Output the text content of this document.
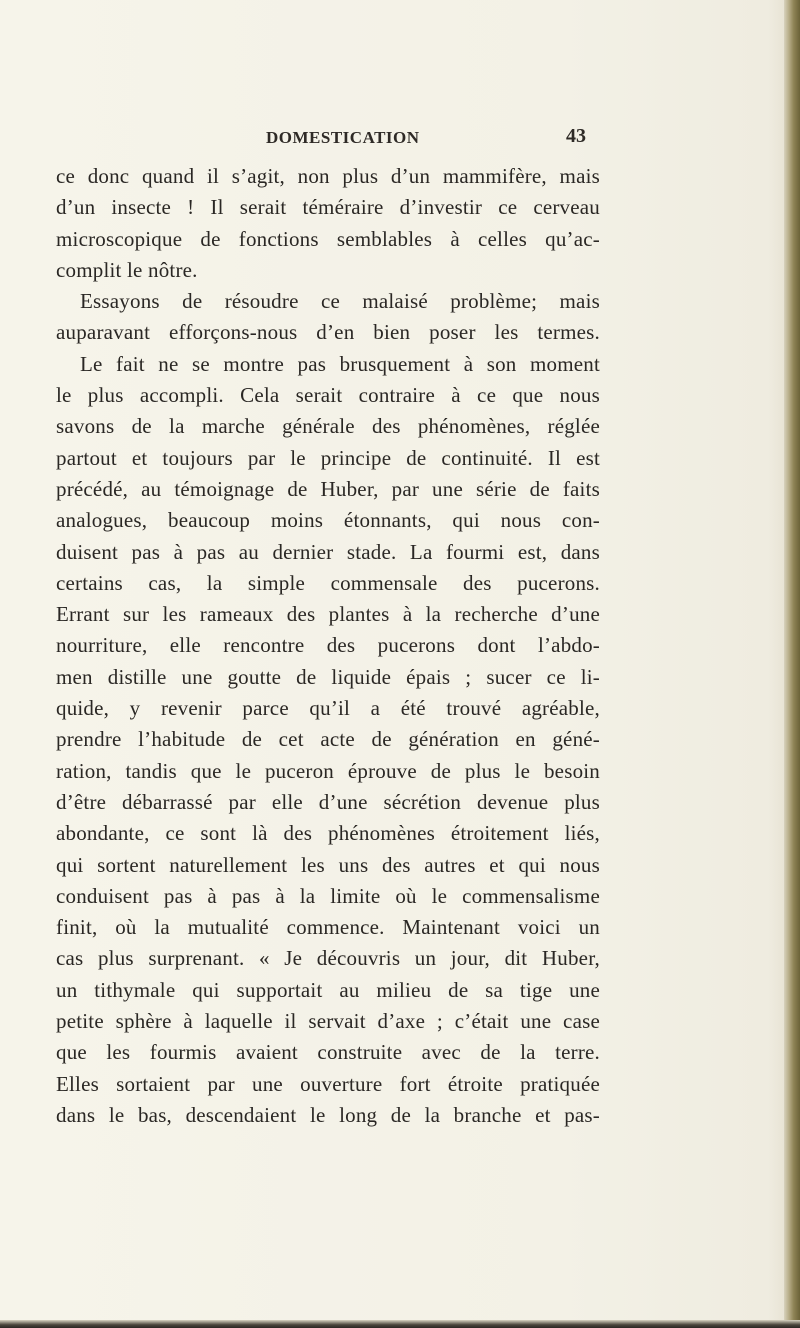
DOMESTICATION	43
ce donc quand il s’agit, non plus d’un mammifère, mais
d’un insecte ! Il serait téméraire d’investir ce cerveau
microscopique de fonctions semblables à celles qu’ac-
complit le nôtre.
Essayons de résoudre ce malaisé problème; mais
auparavant efforçons-nous d’en bien poser les termes.
Le fait ne se montre pas brusquement à son moment
le plus accompli. Cela serait contraire à ce que nous
savons de la marche générale des phénomènes, réglée
partout et toujours par le principe de continuité. Il est
précédé, au témoignage de Huber, par une série de faits
analogues, beaucoup moins étonnants, qui nous con-
duisent pas à pas au dernier stade. La fourmi est, dans
certains cas, la simple commensale des pucerons.
Errant sur les rameaux des plantes à la recherche d’une
nourriture, elle rencontre des pucerons dont l’abdo-
men distille une goutte de liquide épais ; sucer ce li-
quide, y revenir parce qu’il a été trouvé agréable,
prendre l’habitude de cet acte de génération en géné-
ration, tandis que le puceron éprouve de plus le besoin
d’être débarrassé par elle d’une sécrétion devenue plus
abondante, ce sont là des phénomènes étroitement liés,
qui sortent naturellement les uns des autres et qui nous
conduisent pas à pas à la limite où le commensalisme
finit, où la mutualité commence. Maintenant voici un
cas plus surprenant. « Je découvris un jour, dit Huber,
un tithymale qui supportait au milieu de sa tige une
petite sphère à laquelle il servait d’axe ; c’était une case
que les fourmis avaient construite avec de la terre.
Elles sortaient par une ouverture fort étroite pratiquée
dans le bas, descendaient le long de la branche et pas-
